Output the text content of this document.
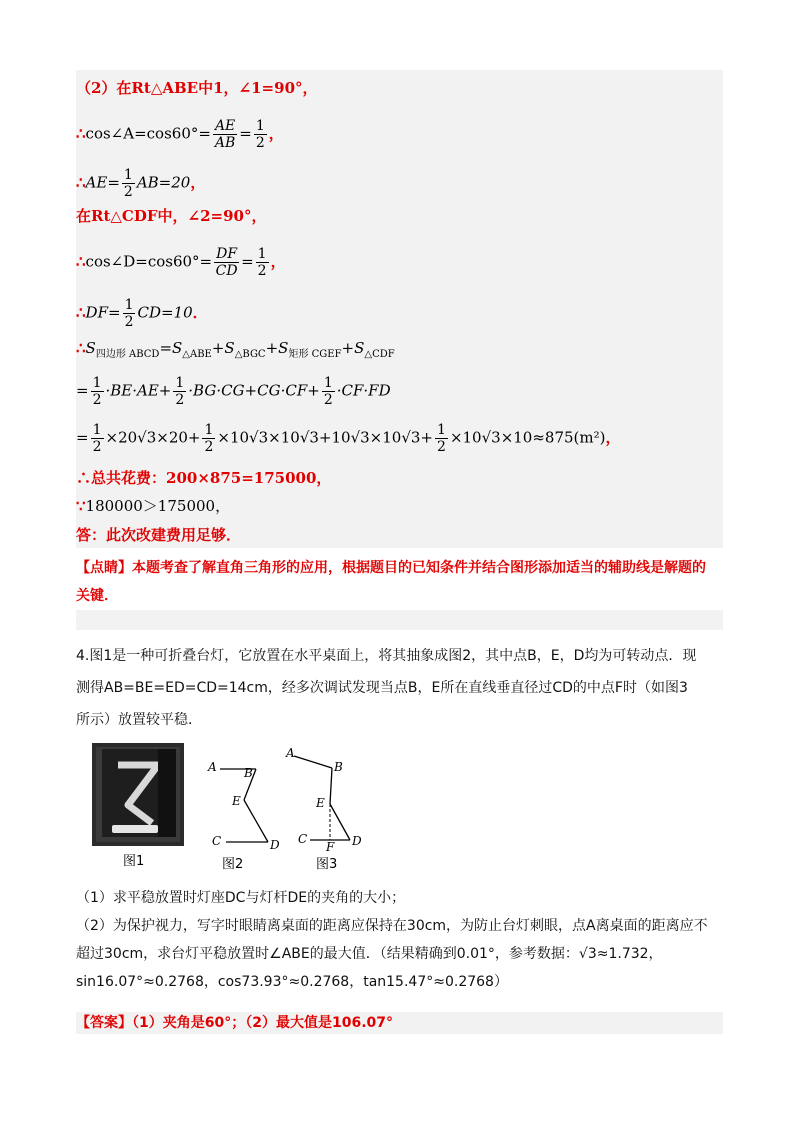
（2）在Rt△ABE中1，∠1=90°，
∴cos∠A=cos60°= $\frac{AE}{AB} = \frac{1}{2}$ ，
∴AE= $\frac{1}{2} AB=20$，
在Rt△CDF中，∠2=90°，
∴cos∠D=cos60°= $\frac{DF}{CD} = \frac{1}{2}$ ，
∴DF= $\frac{1}{2} CD=10$．
$\therefore S_{四边形 ABCD}=S_{\triangle ABE}+S_{\triangle BGC}+S_{矩形 CGEF}+S_{\triangle CDF}$
= $\frac{1}{2} \cdot BE\cdot AE+ \frac{1}{2} \cdot BG\cdot CG+CG\cdot CF+ \frac{1}{2} \cdot CF\cdot FD$
= $\frac{1}{2} \times 20√3\times 20+ \frac{1}{2} \times 10√3\times 10√3+10√3\times 10√3+ \frac{1}{2} \times 10√3\times 10\approx 875(m^2)$，
∴总共花费：200×875=175000，
∵180000＞175000，
答：此次改建费用足够．
【点睛】本题考查了解直角三角形的应用，根据题目的已知条件并结合图形添加适当的辅助线是解题的
关键．
4.图1是一种可折叠台灯，它放置在水平桌面上，将其抽象成图2，其中点B，E，D均为可转动点．现
测得AB=BE=ED=CD=14cm，经多次调试发现当点B，E所在直线垂直径过CD的中点F时（如图3
所示）放置较平稳．
图1
A B
E
C	D
图2
A
B
E
C
F D
图3
（1）求平稳放置时灯座DC与灯杆DE的夹角的大小；
（2）为保护视力，写字时眼睛离桌面的距离应保持在30cm，为防止台灯刺眼，点A离桌面的距离应不
超过30cm，求台灯平稳放置时∠ABE的最大值．（结果精确到0.01°，参考数据：√3≈1.732，
sin16.07°≈0.2768，cos73.93°≈0.2768，tan15.47°≈0.2768）
【答案】（1）夹角是60°；（2）最大值是106.07°
